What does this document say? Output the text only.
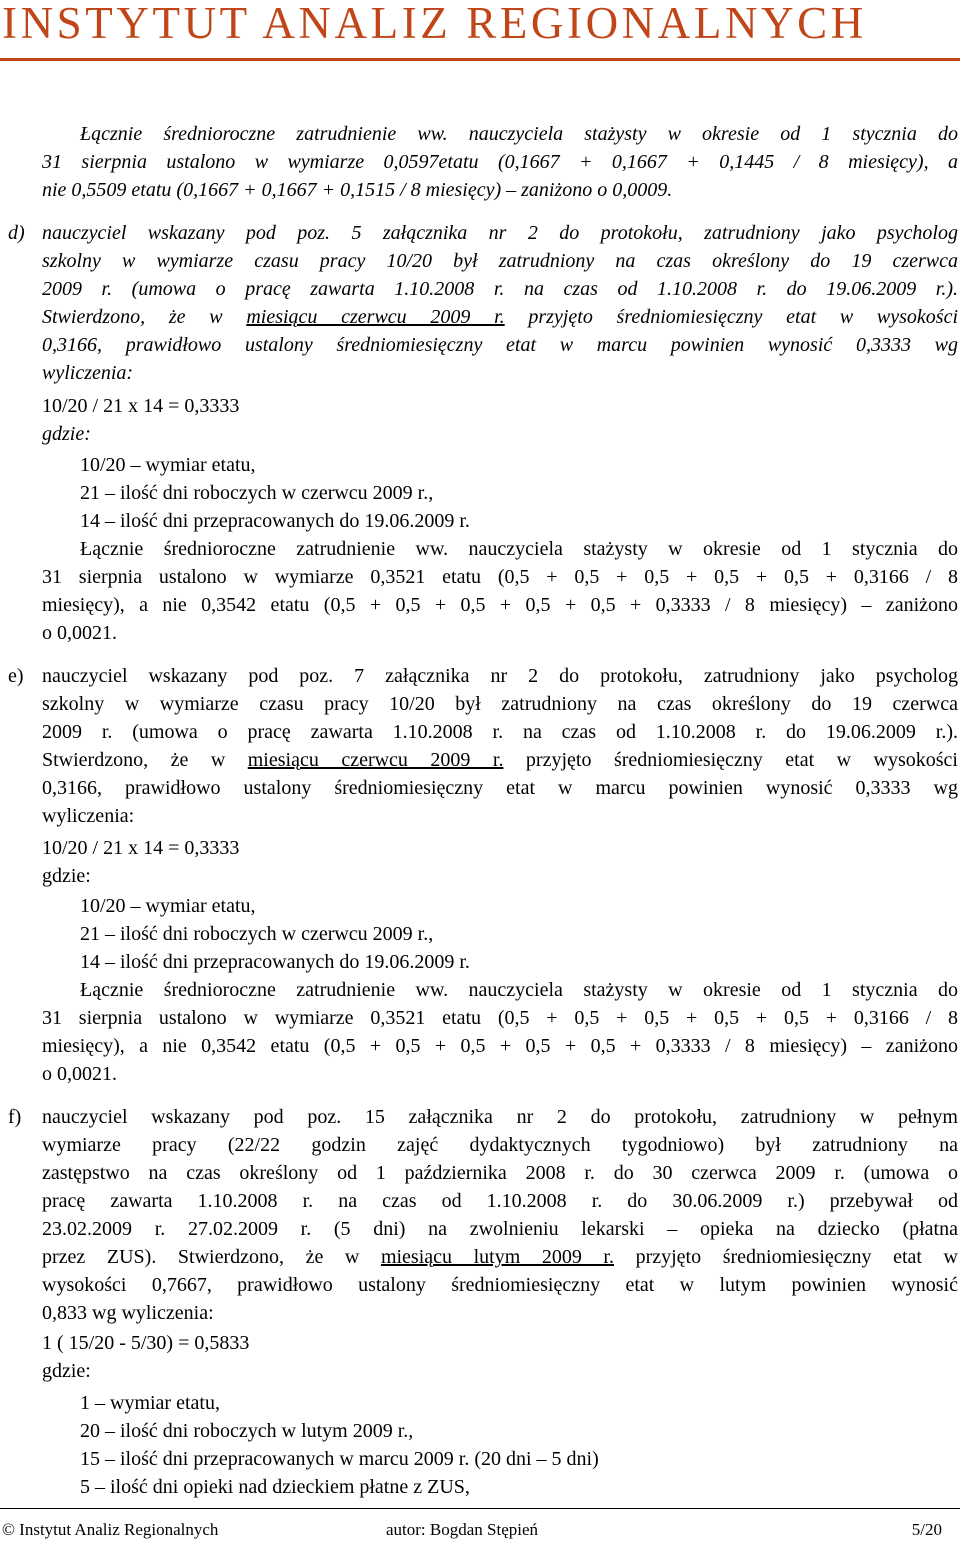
INSTYTUT ANALIZ REGIONALNYCH
Łącznie średnioroczne zatrudnienie ww. nauczyciela stażysty w okresie od 1 stycznia do
31 sierpnia ustalono w wymiarze 0,0597etatu (0,1667 + 0,1667 + 0,1445 / 8 miesięcy), a
nie 0,5509 etatu (0,1667 + 0,1667 + 0,1515 / 8 miesięcy) – zaniżono o 0,0009.
d) nauczyciel wskazany pod poz. 5 załącznika nr 2 do protokołu, zatrudniony jako psycholog
szkolny w wymiarze czasu pracy 10/20 był zatrudniony na czas określony do 19 czerwca
2009 r. (umowa o pracę zawarta 1.10.2008 r. na czas od 1.10.2008 r. do 19.06.2009 r.).
Stwierdzono, że w miesiącu czerwcu 2009 r. przyjęto średniomiesięczny etat w wysokości
0,3166, prawidłowo ustalony średniomiesięczny etat w marcu powinien wynosić 0,3333 wg
wyliczenia:
10/20 / 21 x 14 = 0,3333
gdzie:
10/20 – wymiar etatu,
21 – ilość dni roboczych w czerwcu 2009 r.,
14 – ilość dni przepracowanych do 19.06.2009 r.
Łącznie średnioroczne zatrudnienie ww. nauczyciela stażysty w okresie od 1 stycznia do
31 sierpnia ustalono w wymiarze 0,3521 etatu (0,5 + 0,5 + 0,5 + 0,5 + 0,5 + 0,3166 / 8
miesięcy), a nie 0,3542 etatu (0,5 + 0,5 + 0,5 + 0,5 + 0,5 + 0,3333 / 8 miesięcy) – zaniżono
o 0,0021.
e) nauczyciel wskazany pod poz. 7 załącznika nr 2 do protokołu, zatrudniony jako psycholog
szkolny w wymiarze czasu pracy 10/20 był zatrudniony na czas określony do 19 czerwca
2009 r. (umowa o pracę zawarta 1.10.2008 r. na czas od 1.10.2008 r. do 19.06.2009 r.).
Stwierdzono, że w miesiącu czerwcu 2009 r. przyjęto średniomiesięczny etat w wysokości
0,3166, prawidłowo ustalony średniomiesięczny etat w marcu powinien wynosić 0,3333 wg
wyliczenia:
10/20 / 21 x 14 = 0,3333
gdzie:
10/20 – wymiar etatu,
21 – ilość dni roboczych w czerwcu 2009 r.,
14 – ilość dni przepracowanych do 19.06.2009 r.
Łącznie średnioroczne zatrudnienie ww. nauczyciela stażysty w okresie od 1 stycznia do
31 sierpnia ustalono w wymiarze 0,3521 etatu (0,5 + 0,5 + 0,5 + 0,5 + 0,5 + 0,3166 / 8
miesięcy), a nie 0,3542 etatu (0,5 + 0,5 + 0,5 + 0,5 + 0,5 + 0,3333 / 8 miesięcy) – zaniżono
o 0,0021.
f) nauczyciel wskazany pod poz. 15 załącznika nr 2 do protokołu, zatrudniony w pełnym
wymiarze pracy (22/22 godzin zajęć dydaktycznych tygodniowo) był zatrudniony na
zastępstwo na czas określony od 1 października 2008 r. do 30 czerwca 2009 r. (umowa o
pracę zawarta 1.10.2008 r. na czas od 1.10.2008 r. do 30.06.2009 r.) przebywał od
23.02.2009 r. 27.02.2009 r. (5 dni) na zwolnieniu lekarski – opieka na dziecko (płatna
przez ZUS). Stwierdzono, że w miesiącu lutym 2009 r. przyjęto średniomiesięczny etat w
wysokości 0,7667, prawidłowo ustalony średniomiesięczny etat w lutym powinien wynosić
0,833 wg wyliczenia:
1 ( 15/20 - 5/30) = 0,5833
gdzie:
1 – wymiar etatu,
20 – ilość dni roboczych w lutym 2009 r.,
15 – ilość dni przepracowanych w marcu 2009 r. (20 dni – 5 dni)
5 – ilość dni opieki nad dzieckiem płatne z ZUS,
© Instytut Analiz Regionalnych	autor: Bogdan Stępień	5/20
